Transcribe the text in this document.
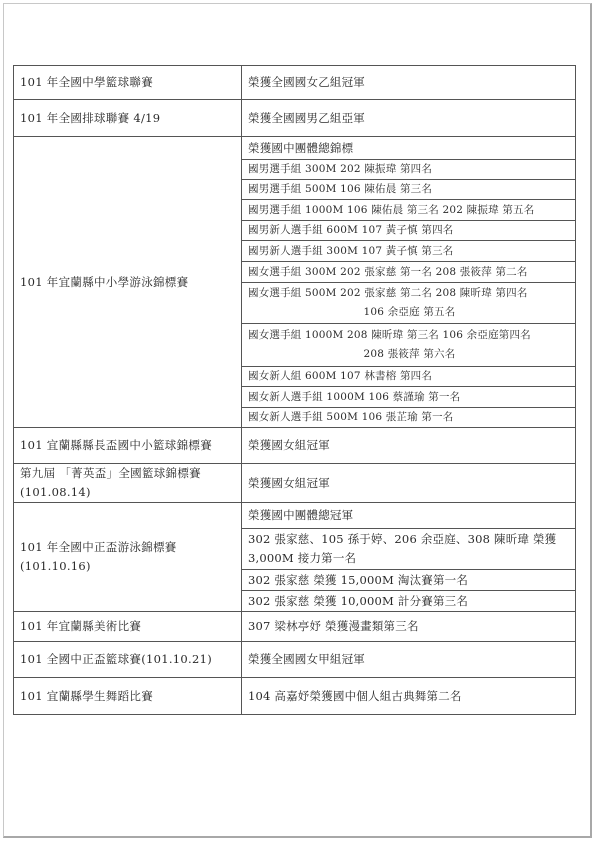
101 年全國中學籃球聯賽	榮獲全國國女乙組冠軍
101 年全國排球聯賽 4/19	榮獲全國國男乙組亞軍
101 年宜蘭縣中小學游泳錦標賽	榮獲國中團體總錦標
	國男選手組 300M 202 陳振瑋 第四名
	國男選手組 500M 106 陳佑晨 第三名
	國男選手組 1000M 106 陳佑晨 第三名 202 陳振瑋 第五名
	國男新人選手組 600M 107 黃子慎 第四名
	國男新人選手組 300M 107 黃子慎 第三名
	國女選手組 300M 202 張家慈 第一名 208 張筱萍 第二名

	國女選手組 500M 202 張家慈 第二名 208 陳昕瑋 第四名
106 余亞庭 第五名

	國女選手組 1000M 208 陳昕瑋 第三名 106 余亞庭第四名
208 張筱萍 第六名

	國女新人組 600M 107 林書榕 第四名
	國女新人選手組 1000M 106 蔡謹瑜 第一名
	國女新人選手組 500M 106 張芷瑜 第一名
101 宜蘭縣縣長盃國中小籃球錦標賽	榮獲國女組冠軍
第九屆 「菁英盃」全國籃球錦標賽 (101.08.14)	榮獲國女組冠軍
101 年全國中正盃游泳錦標賽 (101.10.16)	榮獲國中團體總冠軍
	302 張家慈、105 孫于婷、206 余亞庭、308 陳昕瑋 榮獲 3,000M 接力第一名
	302 張家慈 榮獲 15,000M 淘汰賽第一名
	302 張家慈 榮獲 10,000M 計分賽第三名
101 年宜蘭縣美術比賽	307 梁林亭妤 榮獲漫畫類第三名
101 全國中正盃籃球賽(101.10.21)	榮獲全國國女甲組冠軍
101 宜蘭縣學生舞蹈比賽	104 高嘉妤榮獲國中個人組古典舞第二名
